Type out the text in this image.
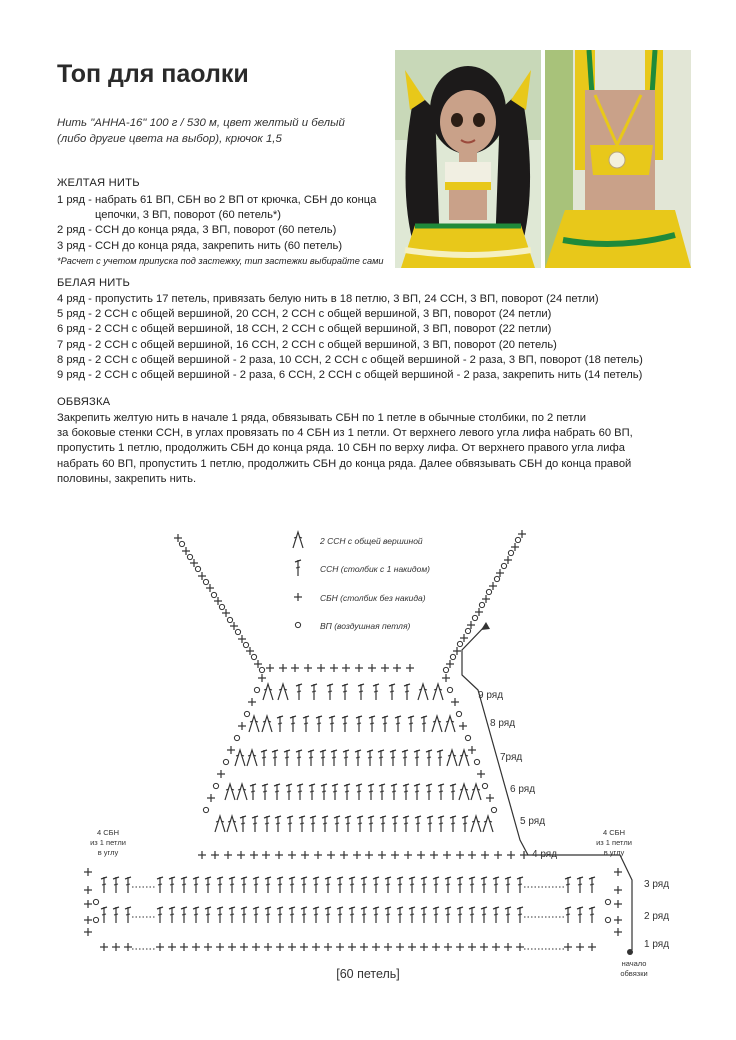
Топ для паолки
Нить "АННА-16" 100 г / 530 м, цвет желтый и белый
(либо другие цвета на выбор), крючок 1,5
ЖЕЛТАЯ НИТЬ
1 ряд - набрать 61 ВП, СБН во 2 ВП от крючка, СБН до конца
цепочки, 3 ВП, поворот (60 петель*)
2 ряд - ССН до конца ряда, 3 ВП, поворот (60 петель)
3 ряд - ССН до конца ряда, закрепить нить (60 петель)
*Расчет с учетом припуска под застежку, тип застежки выбирайте сами
БЕЛАЯ НИТЬ
4 ряд - пропустить 17 петель, привязать белую нить в 18 петлю, 3 ВП, 24 ССН, 3 ВП, поворот (24 петли)
5 ряд - 2 ССН с общей вершиной, 20 ССН, 2 ССН с общей вершиной, 3 ВП, поворот (24 петли)
6 ряд - 2 ССН с общей вершиной, 18 ССН, 2 ССН с общей вершиной, 3 ВП, поворот (22 петли)
7 ряд - 2 ССН с общей вершиной, 16 ССН, 2 ССН с общей вершиной, 3 ВП, поворот (20 петель)
8 ряд - 2 ССН с общей вершиной - 2 раза, 10 ССН, 2 ССН с общей вершиной - 2 раза, 3 ВП, поворот (18 петель)
9 ряд - 2 ССН с общей вершиной - 2 раза, 6 ССН, 2 ССН с общей вершиной - 2 раза, закрепить нить (14 петель)
ОБВЯЗКА
Закрепить желтую нить в начале 1 ряда, обвязывать СБН по 1 петле в обычные столбики, по 2 петли
за боковые стенки ССН, в углах провязать по 4 СБН из 1 петли. От верхнего левого угла лифа набрать 60 ВП,
пропустить 1 петлю, продолжить СБН до конца ряда. 10 СБН по верху лифа. От верхнего правого угла лифа
набрать 60 ВП, пропустить 1 петлю, продолжить СБН до конца ряда. Далее обвязывать СБН до конца правой
половины, закрепить нить.
2 ССН с общей вершиной
ССН (столбик с 1 накидом)
СБН (столбик без накида)
ВП (воздушная петля)
9 ряд
8 ряд
7ряд
6 ряд
5 ряд
4 ряд
3 ряд
2 ряд
1 ряд
4 СБН
из 1 петли
в углу
4 СБН
из 1 петли
в углу
начало
обвязки
[60 петель]
